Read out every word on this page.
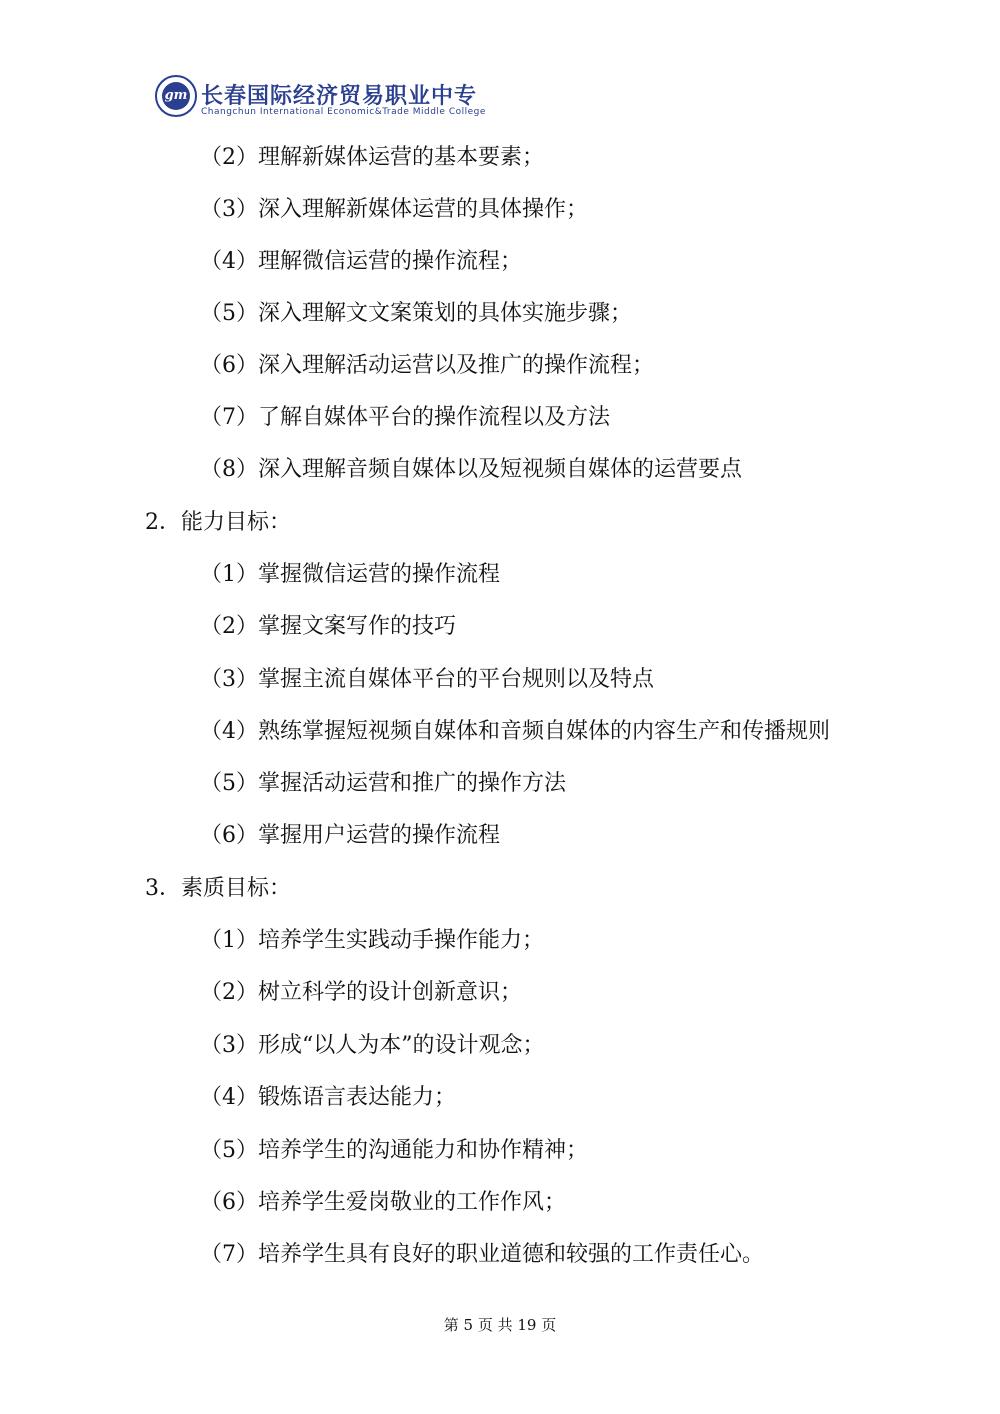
gm 长春国际经济贸易职业中专
Changchun International Economic&Trade Middle College
（2）理解新媒体运营的基本要素；
（3）深入理解新媒体运营的具体操作；
（4）理解微信运营的操作流程；
（5）深入理解文文案策划的具体实施步骤；
（6）深入理解活动运营以及推广的操作流程；
（7）了解自媒体平台的操作流程以及方法
（8）深入理解音频自媒体以及短视频自媒体的运营要点
2．能力目标：
（1）掌握微信运营的操作流程
（2）掌握文案写作的技巧
（3）掌握主流自媒体平台的平台规则以及特点
（4）熟练掌握短视频自媒体和音频自媒体的内容生产和传播规则
（5）掌握活动运营和推广的操作方法
（6）掌握用户运营的操作流程
3．素质目标：
（1）培养学生实践动手操作能力；
（2）树立科学的设计创新意识；
（3）形成“以人为本”的设计观念；
（4）锻炼语言表达能力；
（5）培养学生的沟通能力和协作精神；
（6）培养学生爱岗敬业的工作作风；
（7）培养学生具有良好的职业道德和较强的工作责任心。
第 5 页 共 19 页
